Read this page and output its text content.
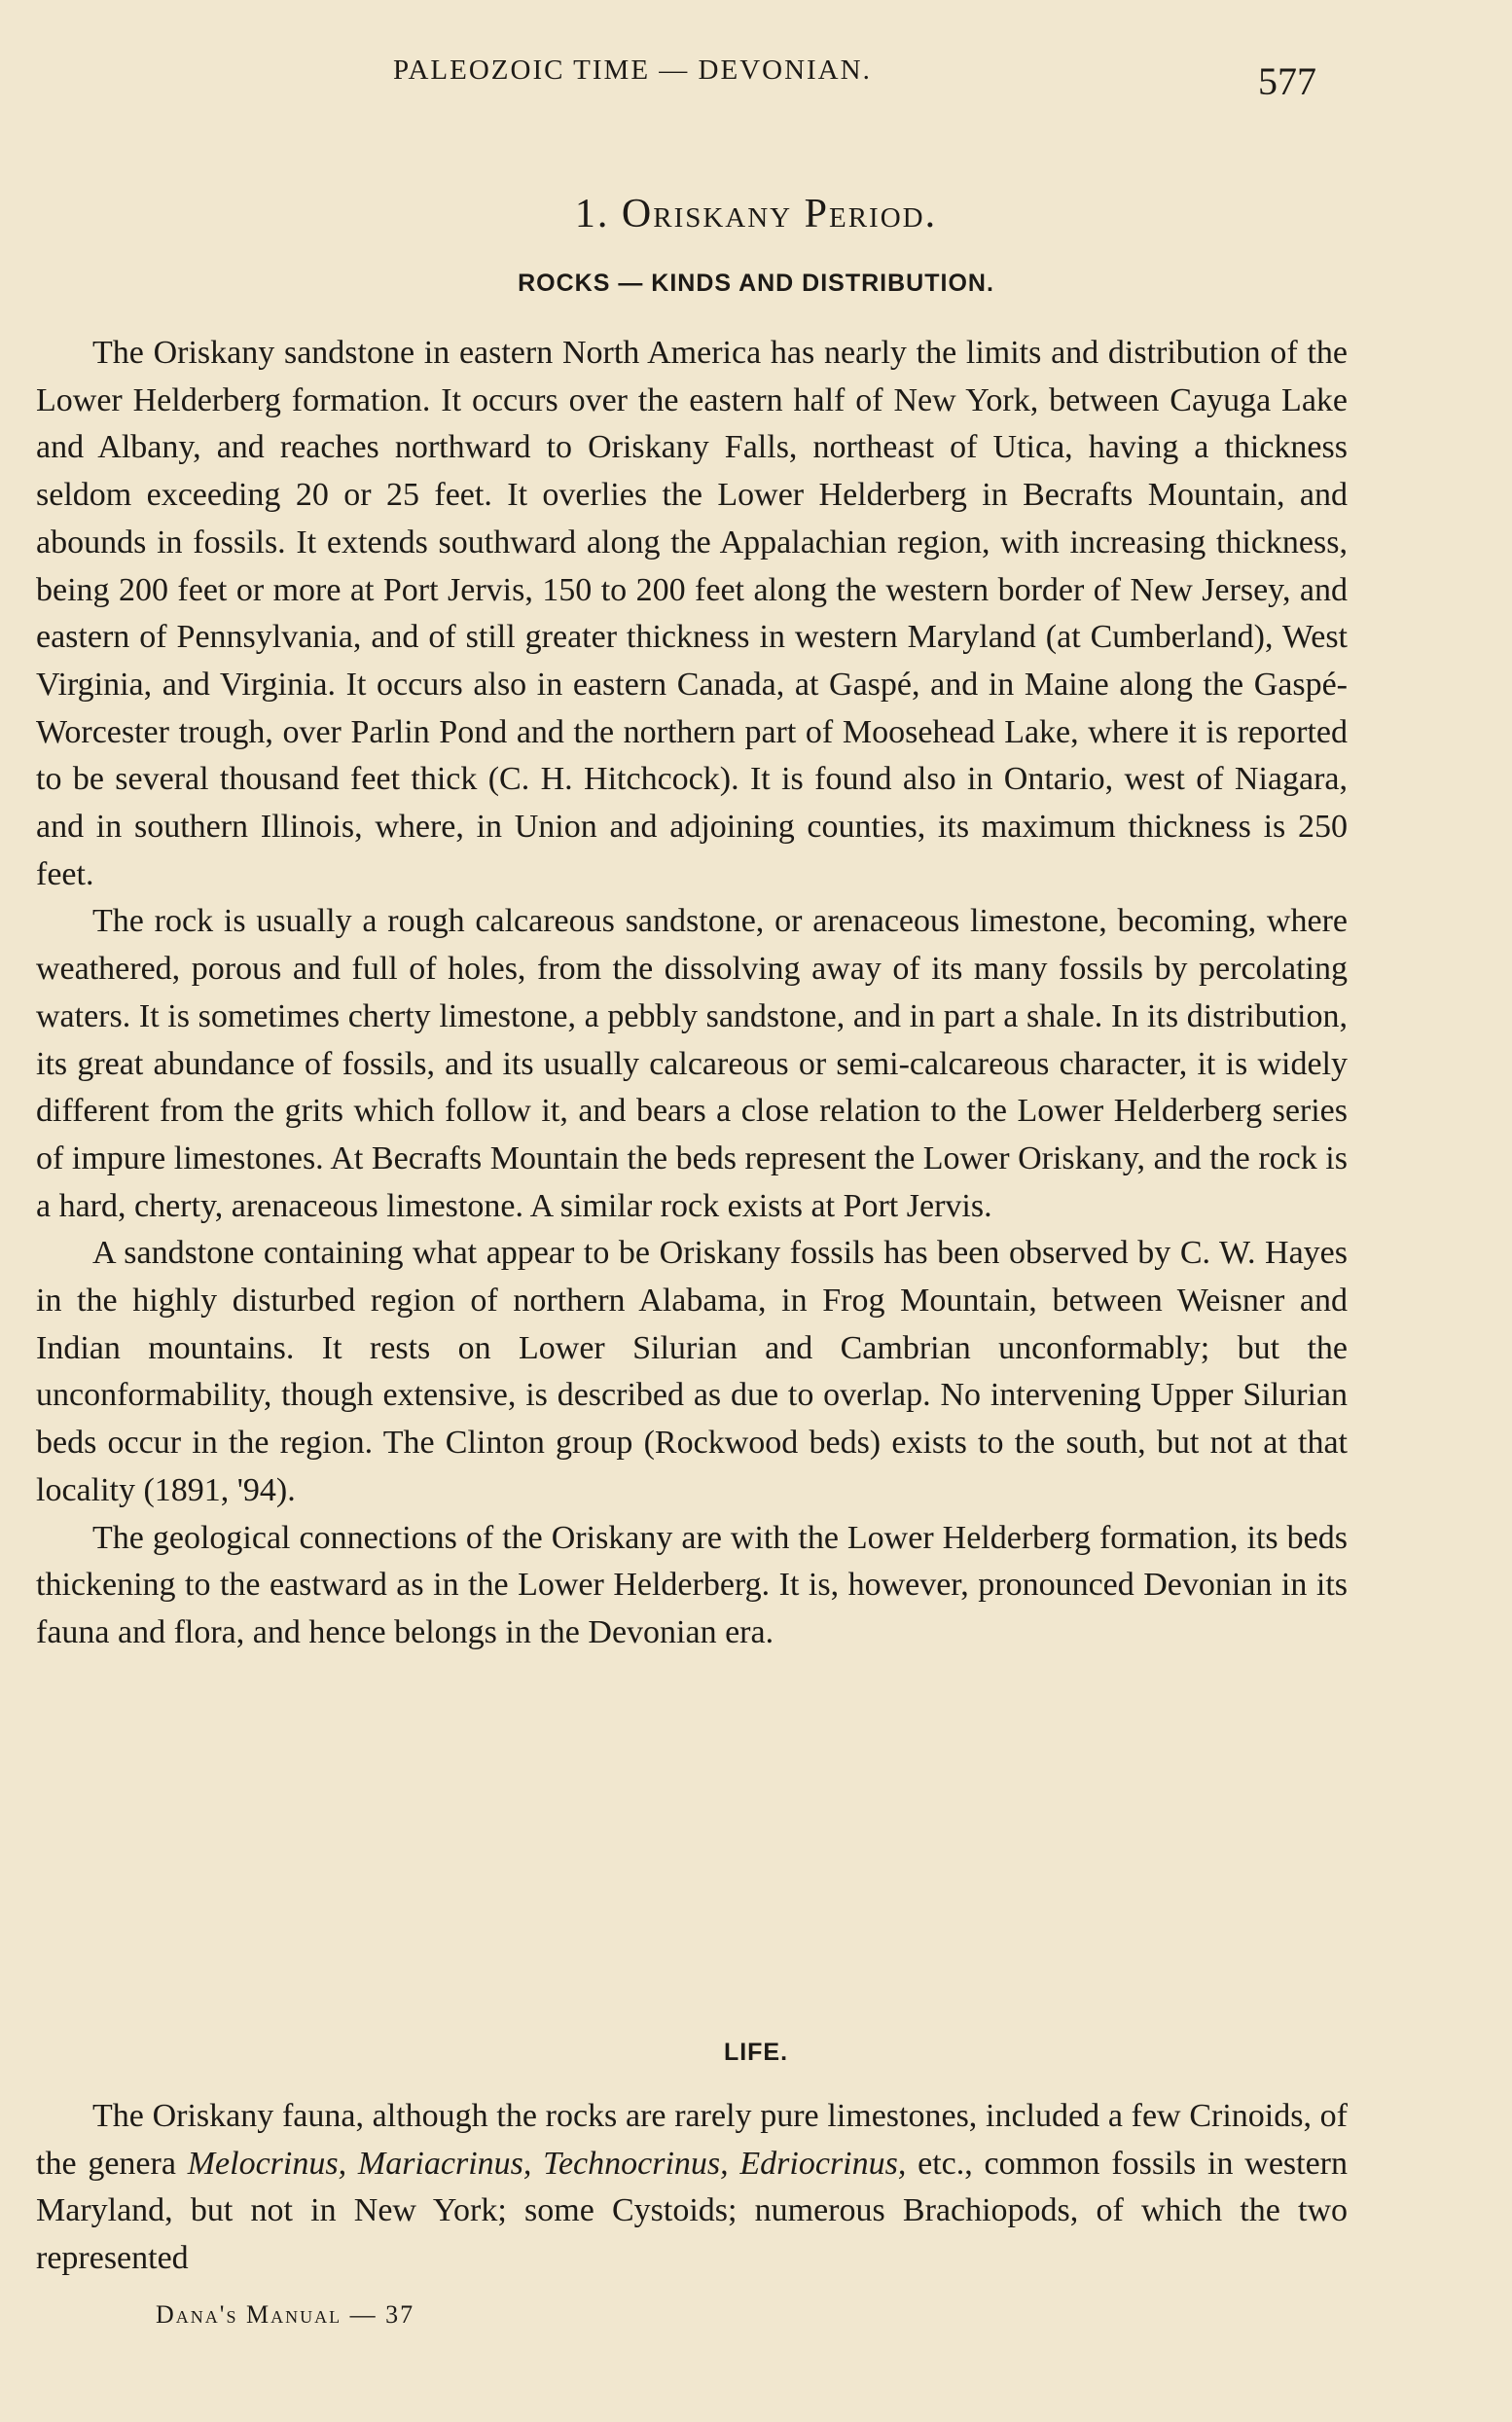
PALEOZOIC TIME — DEVONIAN.	577
1. Oriskany Period.
ROCKS — KINDS AND DISTRIBUTION.

The Oriskany sandstone in eastern North America has nearly the limits and distribution of the Lower Helderberg formation. It occurs over the eastern half of New York, between Cayuga Lake and Albany, and reaches northward to Oriskany Falls, northeast of Utica, having a thickness seldom exceeding 20 or 25 feet. It overlies the Lower Helderberg in Becrafts Mountain, and abounds in fossils. It extends southward along the Appalachian region, with increasing thickness, being 200 feet or more at Port Jervis, 150 to 200 feet along the western border of New Jersey, and eastern of Pennsylvania, and of still greater thickness in western Maryland (at Cumberland), West Virginia, and Virginia. It occurs also in eastern Canada, at Gaspé, and in Maine along the Gaspé-Worcester trough, over Parlin Pond and the northern part of Moosehead Lake, where it is reported to be several thousand feet thick (C. H. Hitchcock). It is found also in Ontario, west of Niagara, and in southern Illinois, where, in Union and adjoining counties, its maximum thickness is 250 feet.

The rock is usually a rough calcareous sandstone, or arenaceous limestone, becoming, where weathered, porous and full of holes, from the dissolving away of its many fossils by percolating waters. It is sometimes cherty limestone, a pebbly sandstone, and in part a shale. In its distribution, its great abundance of fossils, and its usually calcareous or semi-calcareous character, it is widely different from the grits which follow it, and bears a close relation to the Lower Helderberg series of impure limestones. At Becrafts Mountain the beds represent the Lower Oriskany, and the rock is a hard, cherty, arenaceous limestone. A similar rock exists at Port Jervis.

A sandstone containing what appear to be Oriskany fossils has been observed by C. W. Hayes in the highly disturbed region of northern Alabama, in Frog Mountain, between Weisner and Indian mountains. It rests on Lower Silurian and Cambrian unconformably; but the unconformability, though extensive, is described as due to overlap. No intervening Upper Silurian beds occur in the region. The Clinton group (Rockwood beds) exists to the south, but not at that locality (1891, '94).

The geological connections of the Oriskany are with the Lower Helderberg formation, its beds thickening to the eastward as in the Lower Helderberg. It is, however, pronounced Devonian in its fauna and flora, and hence belongs in the Devonian era.

LIFE.

The Oriskany fauna, although the rocks are rarely pure limestones, included a few Crinoids, of the genera Melocrinus, Mariacrinus, Technocrinus, Edriocrinus, etc., common fossils in western Maryland, but not in New York; some Cystoids; numerous Brachiopods, of which the two represented

Dana's Manual — 37
